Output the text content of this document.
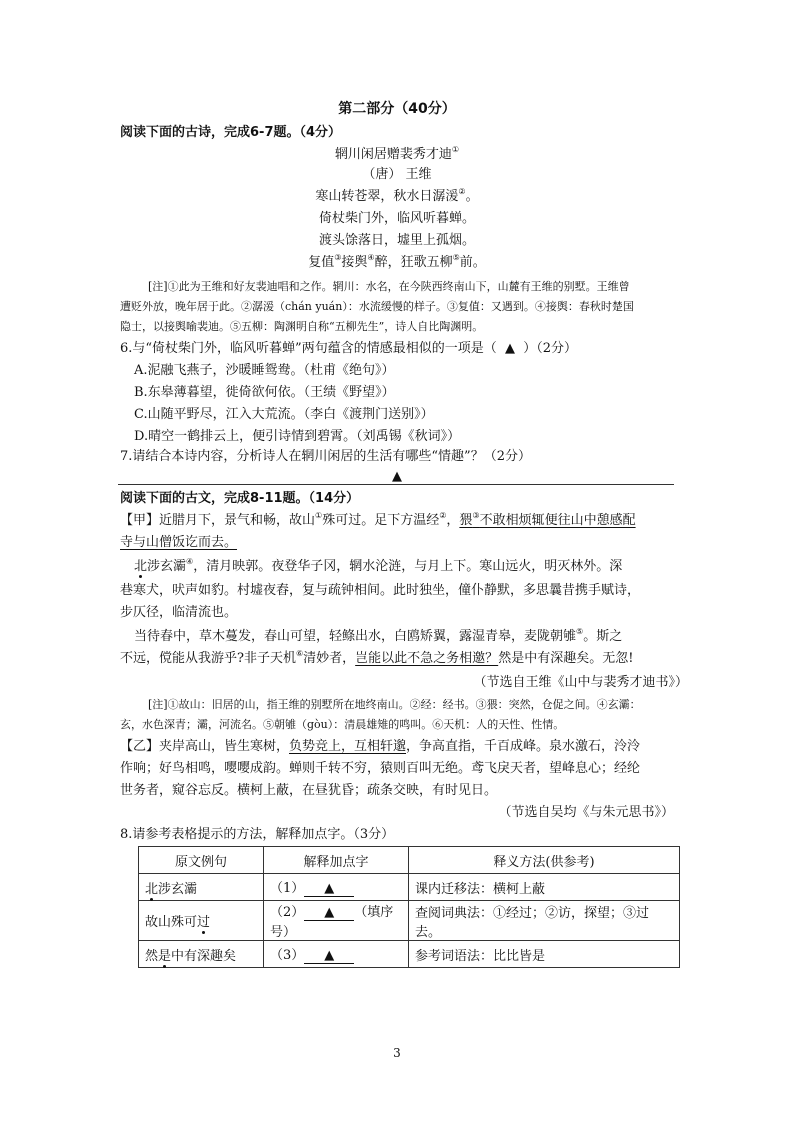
第二部分（40分）
阅读下面的古诗，完成6-7题。（4分）
辋川闲居赠裴秀才迪①
（唐） 王维
寒山转苍翠，秋水日潺湲②。
倚杖柴门外，临风听暮蝉。
渡头馀落日，墟里上孤烟。
复值③接舆④醉，狂歌五柳⑤前。
[注]①此为王维和好友裴迪唱和之作。辋川：水名，在今陕西终南山下，山麓有王维的别墅。王维曾
遭贬外放，晚年居于此。②潺湲（chán yuán）：水流缓慢的样子。③复值：又遇到。④接舆：春秋时楚国
隐士，以接舆喻裴迪。⑤五柳：陶渊明自称“五柳先生”，诗人自比陶渊明。
6.与“倚杖柴门外，临风听暮蝉”两句蕴含的情感最相似的一项是（ ▲ ）（2分）
A.泥融飞燕子，沙暖睡鸳鸯。（杜甫《绝句》）
B.东皋薄暮望，徙倚欲何依。（王绩《野望》）
C.山随平野尽，江入大荒流。（李白《渡荆门送别》）
D.晴空一鹤排云上，便引诗情到碧霄。（刘禹锡《秋词》）
7.请结合本诗内容，分析诗人在辋川闲居的生活有哪些“情趣”？（2分）
▲
阅读下面的古文，完成8-11题。（14分）
【甲】近腊月下，景气和畅，故山①殊可过。足下方温经②，猥③不敢相烦辄便往山中憩感配
寺与山僧饭讫而去。
北涉玄灞④，清月映郭。夜登华子冈，辋水沦涟，与月上下。寒山远火，明灭林外。深
巷寒犬，吠声如豹。村墟夜舂，复与疏钟相间。此时独坐，僮仆静默，多思曩昔携手赋诗，
步仄径，临清流也。
当待春中，草木蔓发，春山可望，轻鲦出水，白鸥矫翼，露湿青皋，麦陇朝雊⑤。斯之
不远，傥能从我游乎?非子天机⑥清妙者，岂能以此不急之务相邀？然是中有深趣矣。无忽!
（节选自王维《山中与裴秀才迪书》）
[注]①故山：旧居的山，指王维的别墅所在地终南山。②经：经书。③猥：突然，仓促之间。④玄灞：
玄，水色深青；灞，河流名。⑤朝雊（gòu）：清晨雄雉的鸣叫。⑥天机：人的天性、性情。
【乙】夹岸高山，皆生寒树，负势竞上，互相轩邈，争高直指，千百成峰。泉水激石，泠泠
作响；好鸟相鸣，嘤嘤成韵。蝉则千转不穷，猿则百叫无绝。鸢飞戾天者，望峰息心；经纶
世务者，窥谷忘反。横柯上蔽，在昼犹昏；疏条交映，有时见日。
（节选自吴均《与朱元思书》）
8.请参考表格提示的方法，解释加点字。（3分）
原文例句	解释加点字	释义方法(供参考)
北涉玄灞	（1） ▲	课内迁移法：横柯上蔽
故山殊可过	（2） ▲ （填序号）	查阅词典法：①经过；②访，探望；③过去。
然是中有深趣矣	（3） ▲	参考词语法：比比皆是
3
